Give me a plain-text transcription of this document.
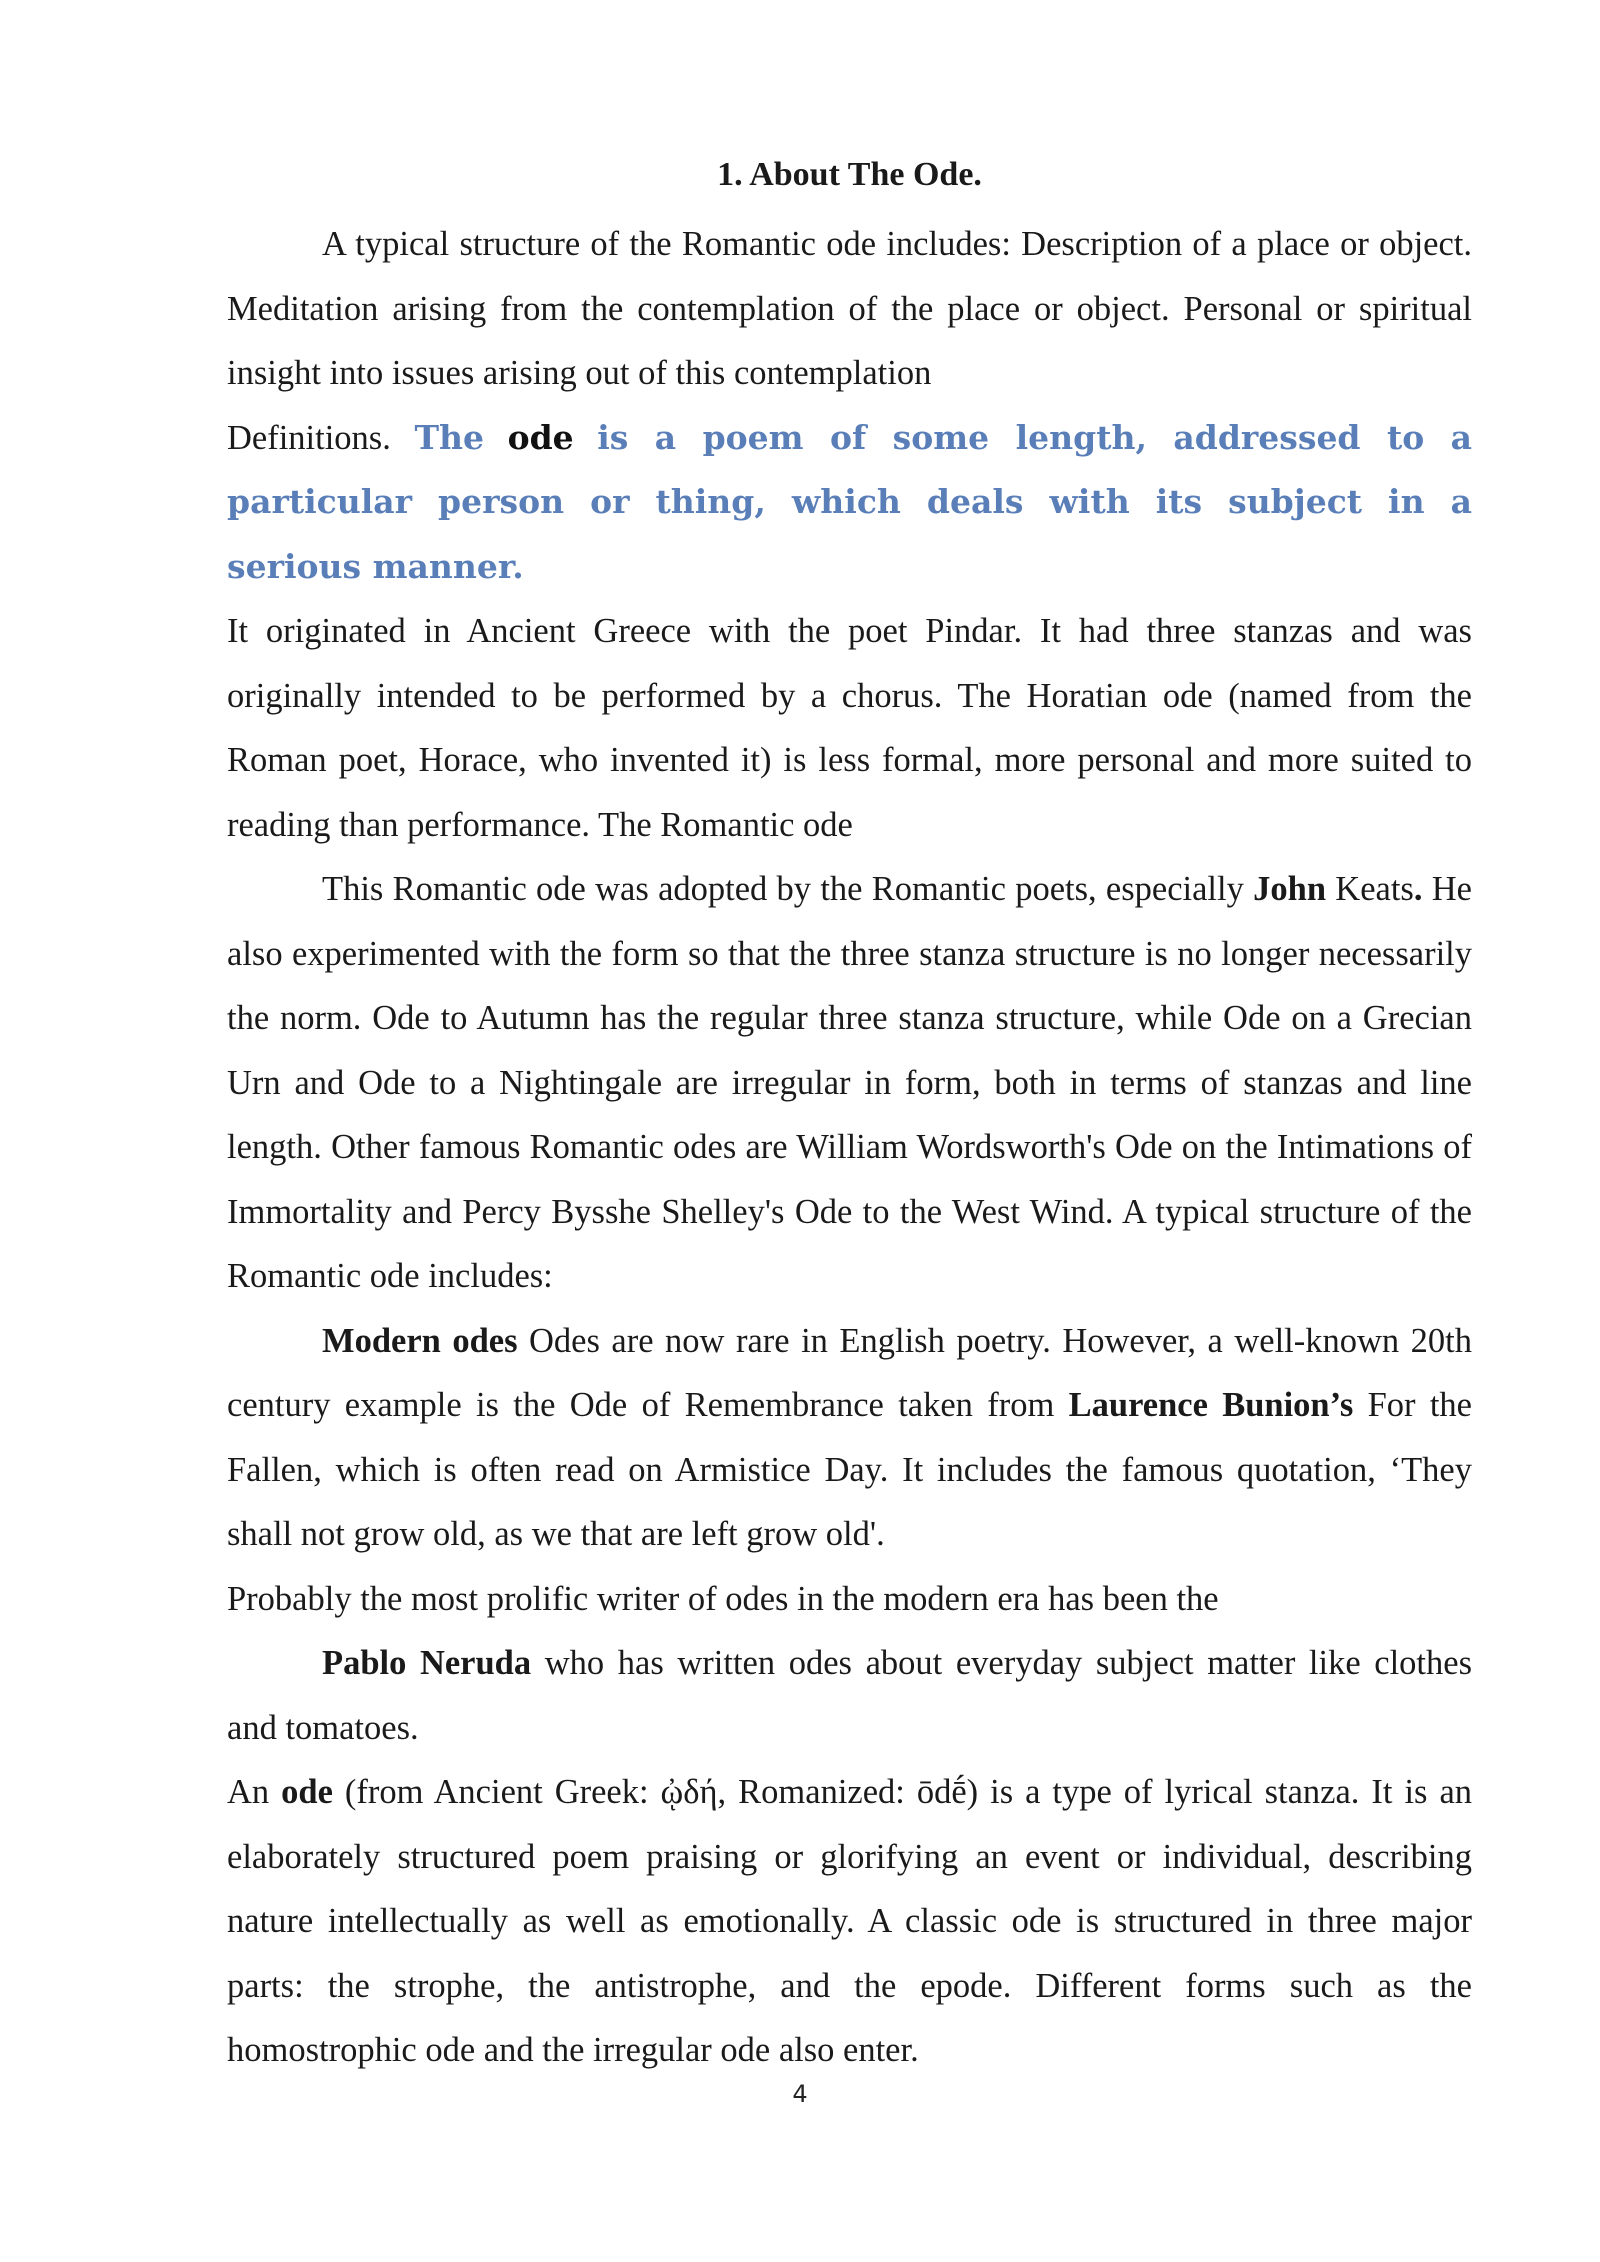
1. About The Ode.

A typical structure of the Romantic ode includes: Description of a place or object. Meditation arising from the contemplation of the place or object. Personal or spiritual insight into issues arising out of this contemplation

Definitions. The ode is a poem of some length, addressed to a particular person or thing, which deals with its subject in a serious manner.

It originated in Ancient Greece with the poet Pindar. It had three stanzas and was originally intended to be performed by a chorus. The Horatian ode (named from the Roman poet, Horace, who invented it) is less formal, more personal and more suited to reading than performance. The Romantic ode

This Romantic ode was adopted by the Romantic poets, especially John Keats. He also experimented with the form so that the three stanza structure is no longer necessarily the norm. Ode to Autumn has the regular three stanza structure, while Ode on a Grecian Urn and Ode to a Nightingale are irregular in form, both in terms of stanzas and line length. Other famous Romantic odes are William Wordsworth's Ode on the Intimations of Immortality and Percy Bysshe Shelley's Ode to the West Wind. A typical structure of the Romantic ode includes:

Modern odes Odes are now rare in English poetry. However, a well-known 20th century example is the Ode of Remembrance taken from Laurence Bunion’s For the Fallen, which is often read on Armistice Day. It includes the famous quotation, ‘They shall not grow old, as we that are left grow old'.

Probably the most prolific writer of odes in the modern era has been the

Pablo Neruda who has written odes about everyday subject matter like clothes and tomatoes.

An ode (from Ancient Greek: ᾠδή, Romanized: ōdḗ) is a type of lyrical stanza. It is an elaborately structured poem praising or glorifying an event or individual, describing nature intellectually as well as emotionally. A classic ode is structured in three major parts: the strophe, the antistrophe, and the epode. Different forms such as the homostrophic ode and the irregular ode also enter.

4
